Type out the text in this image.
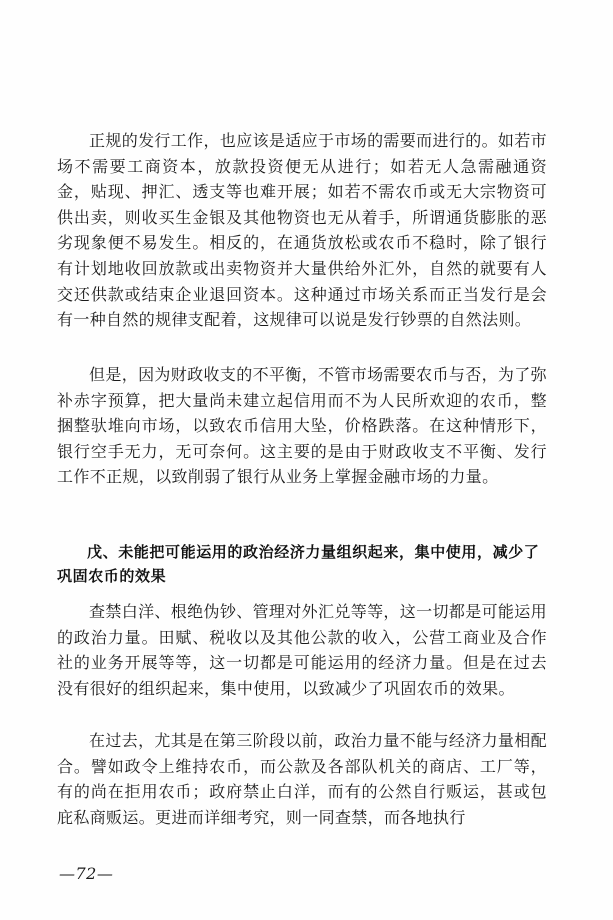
正规的发行工作，也应该是适应于市场的需要而进行的。如若市场不需要工商资本，放款投资便无从进行；如若无人急需融通资金，贴现、押汇、透支等也难开展；如若不需农币或无大宗物资可供出卖，则收买生金银及其他物资也无从着手，所谓通货膨胀的恶劣现象便不易发生。相反的，在通货放松或农币不稳时，除了银行有计划地收回放款或出卖物资并大量供给外汇外，自然的就要有人交还供款或结束企业退回资本。这种通过市场关系而正当发行是会有一种自然的规律支配着，这规律可以说是发行钞票的自然法则。

但是，因为财政收支的不平衡，不管市场需要农币与否，为了弥补赤字预算，把大量尚未建立起信用而不为人民所欢迎的农币，整捆整驮堆向市场，以致农币信用大坠，价格跌落。在这种情形下，银行空手无力，无可奈何。这主要的是由于财政收支不平衡、发行工作不正规，以致削弱了银行从业务上掌握金融市场的力量。

戊、未能把可能运用的政治经济力量组织起来，集中使用，减少了巩固农币的效果

查禁白洋、根绝伪钞、管理对外汇兑等等，这一切都是可能运用的政治力量。田赋、税收以及其他公款的收入，公营工商业及合作社的业务开展等等，这一切都是可能运用的经济力量。但是在过去没有很好的组织起来，集中使用，以致减少了巩固农币的效果。

在过去，尤其是在第三阶段以前，政治力量不能与经济力量相配合。譬如政令上维持农币，而公款及各部队机关的商店、工厂等，有的尚在拒用农币；政府禁止白洋，而有的公然自行贩运，甚或包庇私商贩运。更进而详细考究，则一同查禁，而各地执行

—72—
